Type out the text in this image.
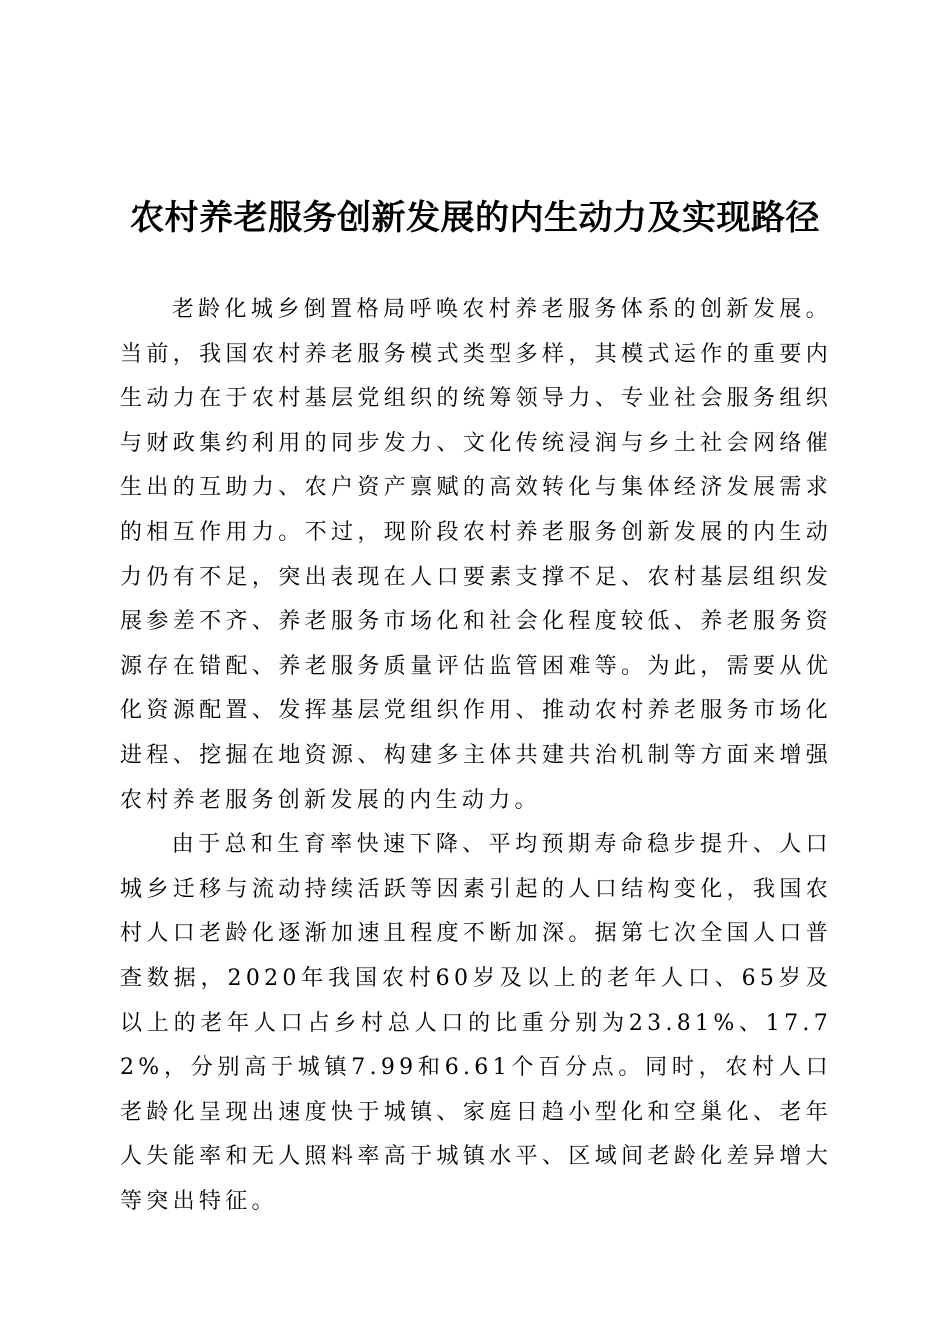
农村养老服务创新发展的内生动力及实现路径

老龄化城乡倒置格局呼唤农村养老服务体系的创新发展。当前，我国农村养老服务模式类型多样，其模式运作的重要内生动力在于农村基层党组织的统筹领导力、专业社会服务组织与财政集约利用的同步发力、文化传统浸润与乡土社会网络催生出的互助力、农户资产禀赋的高效转化与集体经济发展需求的相互作用力。不过，现阶段农村养老服务创新发展的内生动力仍有不足，突出表现在人口要素支撑不足、农村基层组织发展参差不齐、养老服务市场化和社会化程度较低、养老服务资源存在错配、养老服务质量评估监管困难等。为此，需要从优化资源配置、发挥基层党组织作用、推动农村养老服务市场化进程、挖掘在地资源、构建多主体共建共治机制等方面来增强农村养老服务创新发展的内生动力。

由于总和生育率快速下降、平均预期寿命稳步提升、人口城乡迁移与流动持续活跃等因素引起的人口结构变化，我国农村人口老龄化逐渐加速且程度不断加深。据第七次全国人口普查数据，2020年我国农村60岁及以上的老年人口、65岁及以上的老年人口占乡村总人口的比重分别为23.81%、17.72%，分别高于城镇7.99和6.61个百分点。同时，农村人口老龄化呈现出速度快于城镇、家庭日趋小型化和空巢化、老年人失能率和无人照料率高于城镇水平、区域间老龄化差异增大等突出特征。
